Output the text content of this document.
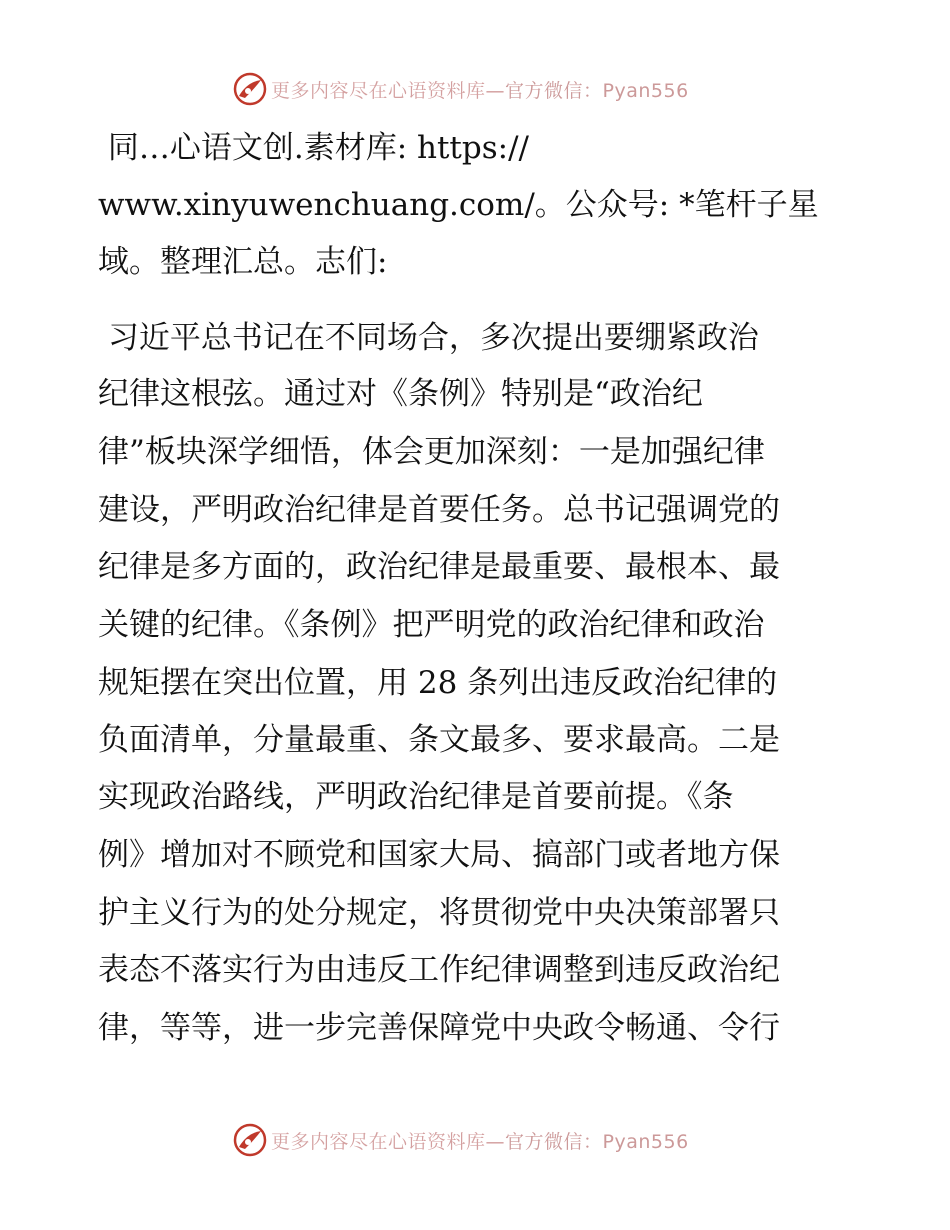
更多内容尽在心语资料库—官方微信：Pyan556
同…心语文创.素材库: https://
www.xinyuwenchuang.com/。公众号: *笔杆子星
域。整理汇总。志们:
习近平总书记在不同场合，多次提出要绷紧政治
纪律这根弦。通过对《条例》特别是“政治纪
律”板块深学细悟，体会更加深刻：一是加强纪律
建设，严明政治纪律是首要任务。总书记强调党的
纪律是多方面的，政治纪律是最重要、最根本、最
关键的纪律。《条例》把严明党的政治纪律和政治
规矩摆在突出位置，用 28 条列出违反政治纪律的
负面清单，分量最重、条文最多、要求最高。二是
实现政治路线，严明政治纪律是首要前提。《条
例》增加对不顾党和国家大局、搞部门或者地方保
护主义行为的处分规定，将贯彻党中央决策部署只
表态不落实行为由违反工作纪律调整到违反政治纪
律，等等，进一步完善保障党中央政令畅通、令行
更多内容尽在心语资料库—官方微信：Pyan556
